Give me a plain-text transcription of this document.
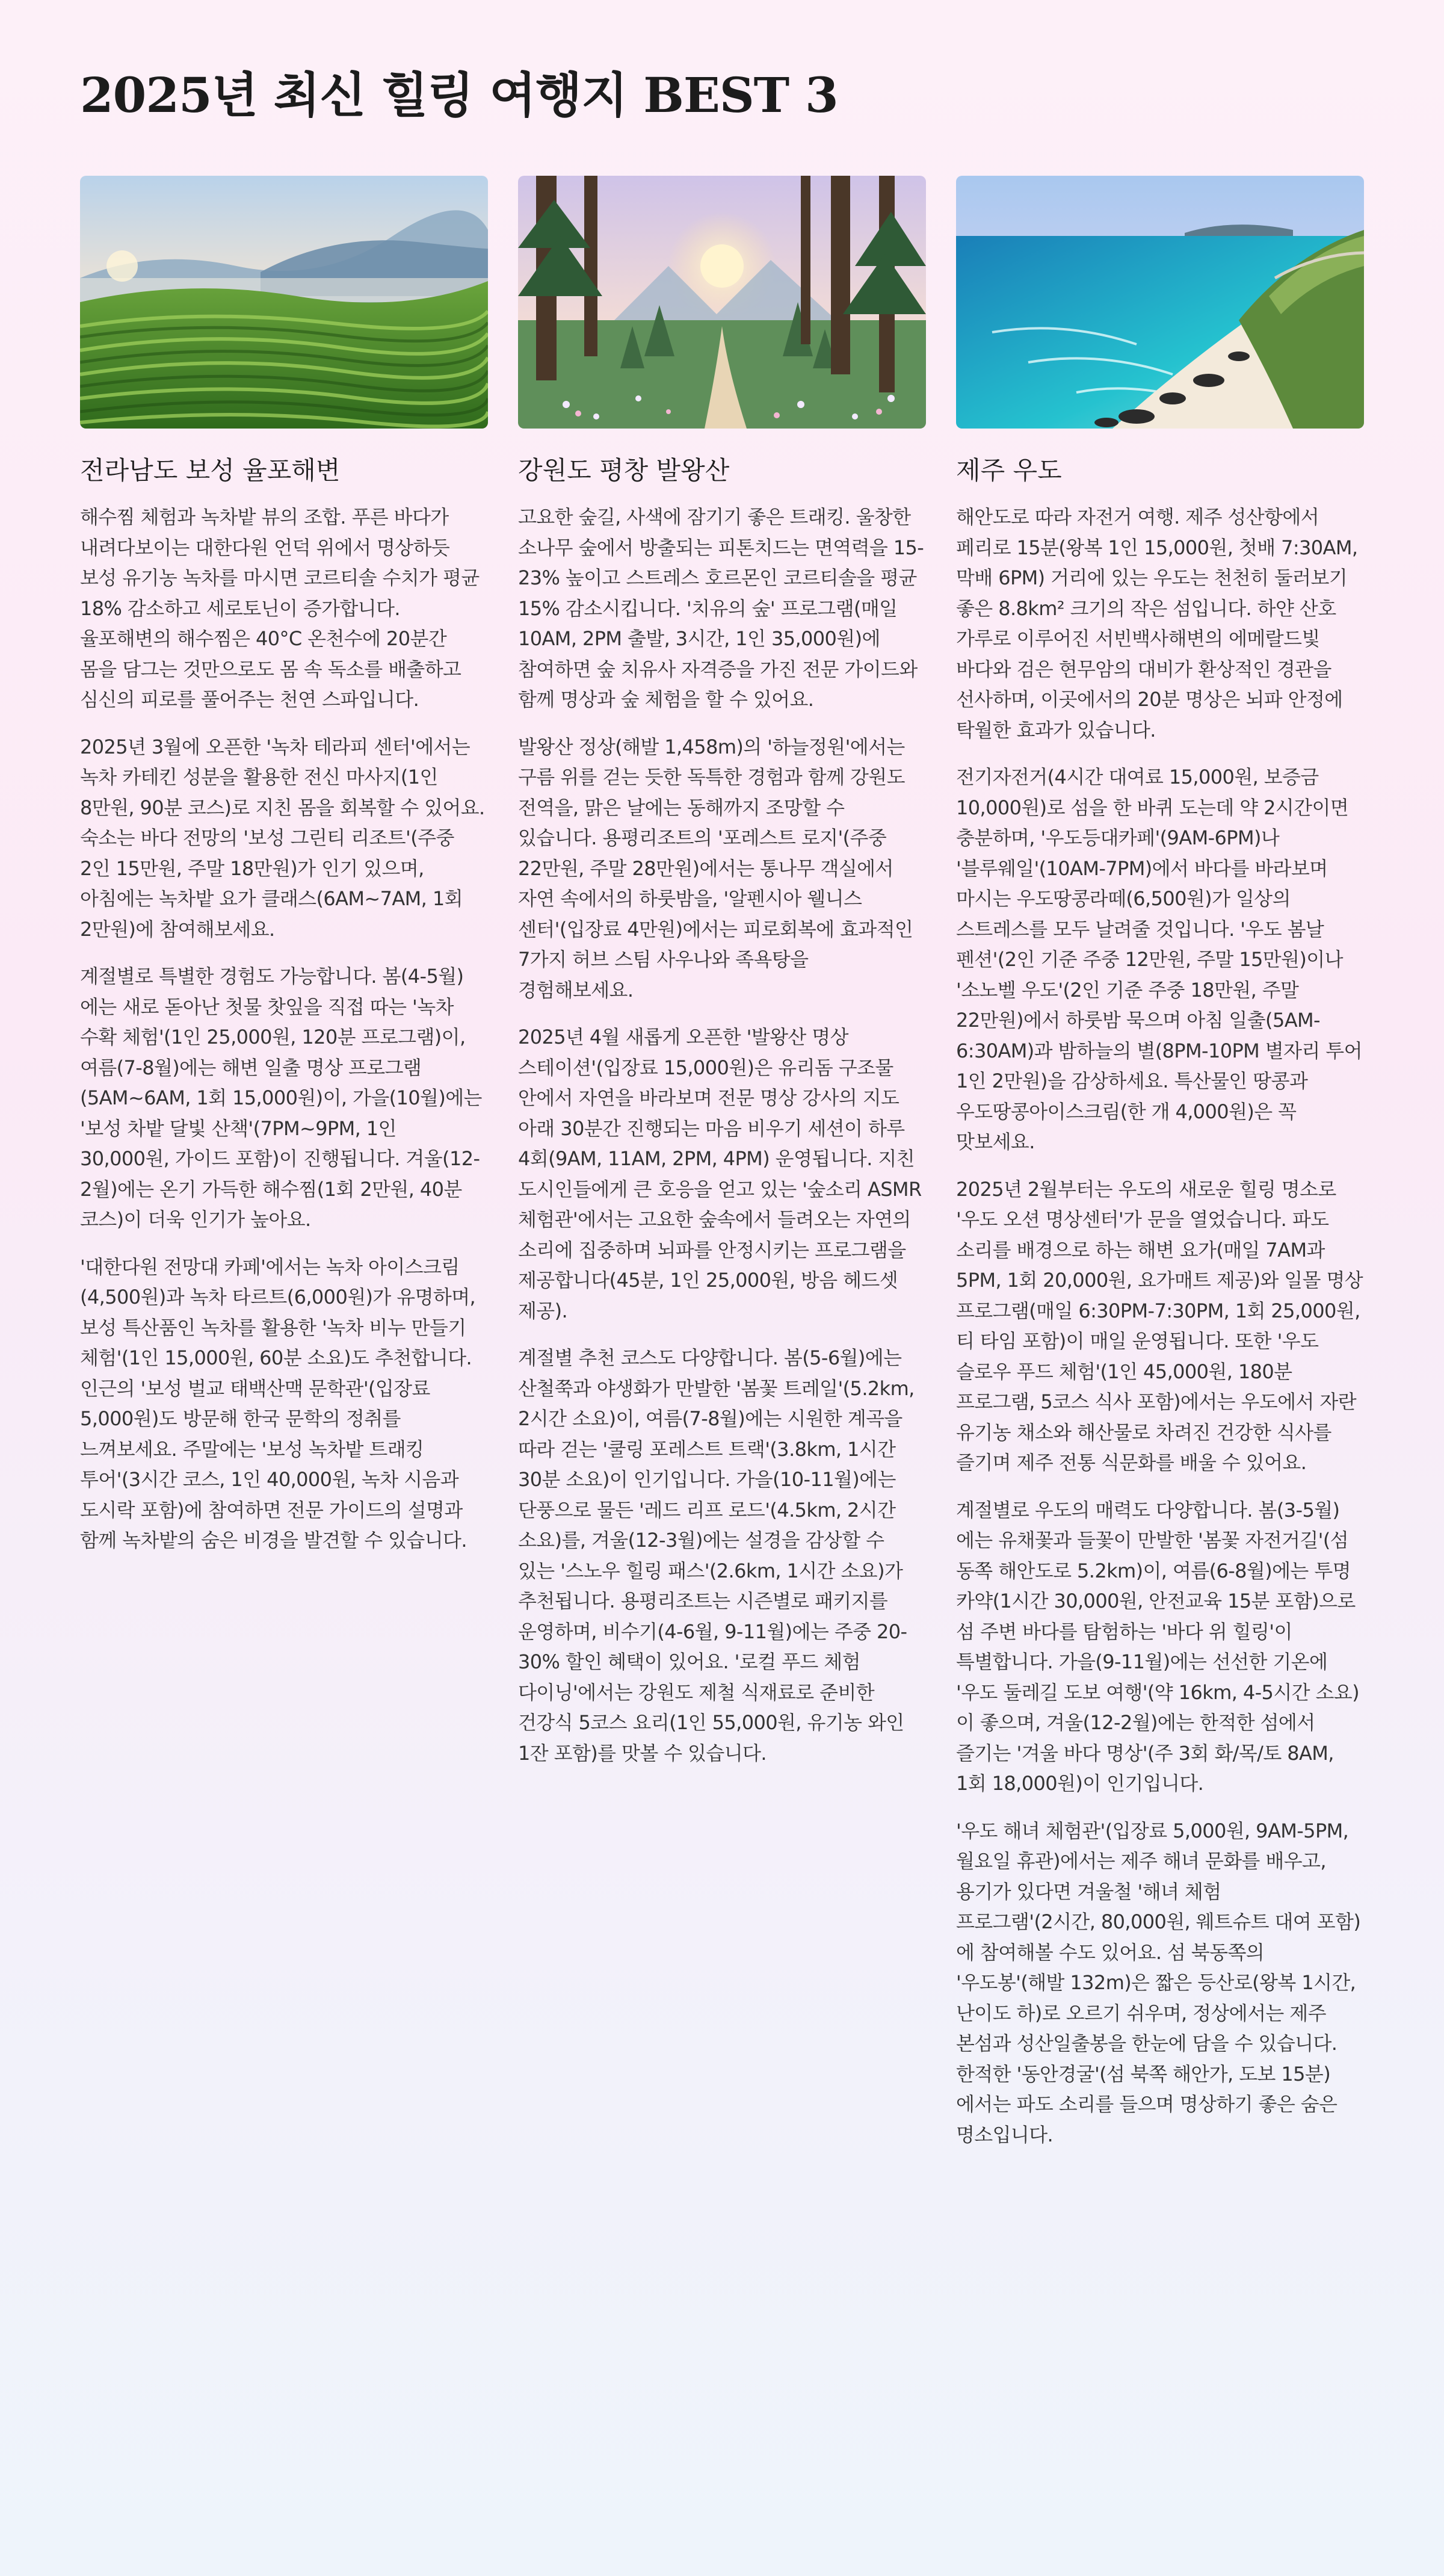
2025년 최신 힐링 여행지 BEST 3
전라남도 보성 율포해변

해수찜 체험과 녹차밭 뷰의 조합. 푸른 바다가 내려다보이는 대한다원 언덕 위에서 명상하듯 보성 유기농 녹차를 마시면 코르티솔 수치가 평균 18% 감소하고 세로토닌이 증가합니다. 율포해변의 해수찜은 40°C 온천수에 20분간 몸을 담그는 것만으로도 몸 속 독소를 배출하고 심신의 피로를 풀어주는 천연 스파입니다.

2025년 3월에 오픈한 '녹차 테라피 센터'에서는 녹차 카테킨 성분을 활용한 전신 마사지(1인 8만원, 90분 코스)로 지친 몸을 회복할 수 있어요. 숙소는 바다 전망의 '보성 그린티 리조트'(주중 2인 15만원, 주말 18만원)가 인기 있으며, 아침에는 녹차밭 요가 클래스(6AM~7AM, 1회 2만원)에 참여해보세요.

계절별로 특별한 경험도 가능합니다. 봄(4-5월)에는 새로 돋아난 첫물 찻잎을 직접 따는 '녹차 수확 체험'(1인 25,000원, 120분 프로그램)이, 여름(7-8월)에는 해변 일출 명상 프로그램(5AM~6AM, 1회 15,000원)이, 가을(10월)에는 '보성 차밭 달빛 산책'(7PM~9PM, 1인 30,000원, 가이드 포함)이 진행됩니다. 겨울(12-2월)에는 온기 가득한 해수찜(1회 2만원, 40분 코스)이 더욱 인기가 높아요.

'대한다원 전망대 카페'에서는 녹차 아이스크림(4,500원)과 녹차 타르트(6,000원)가 유명하며, 보성 특산품인 녹차를 활용한 '녹차 비누 만들기 체험'(1인 15,000원, 60분 소요)도 추천합니다. 인근의 '보성 벌교 태백산맥 문학관'(입장료 5,000원)도 방문해 한국 문학의 정취를 느껴보세요. 주말에는 '보성 녹차밭 트래킹 투어'(3시간 코스, 1인 40,000원, 녹차 시음과 도시락 포함)에 참여하면 전문 가이드의 설명과 함께 녹차밭의 숨은 비경을 발견할 수 있습니다.

강원도 평창 발왕산

고요한 숲길, 사색에 잠기기 좋은 트래킹. 울창한 소나무 숲에서 방출되는 피톤치드는 면역력을 15-23% 높이고 스트레스 호르몬인 코르티솔을 평균 15% 감소시킵니다. '치유의 숲' 프로그램(매일 10AM, 2PM 출발, 3시간, 1인 35,000원)에 참여하면 숲 치유사 자격증을 가진 전문 가이드와 함께 명상과 숲 체험을 할 수 있어요.

발왕산 정상(해발 1,458m)의 '하늘정원'에서는 구름 위를 걷는 듯한 독특한 경험과 함께 강원도 전역을, 맑은 날에는 동해까지 조망할 수 있습니다. 용평리조트의 '포레스트 로지'(주중 22만원, 주말 28만원)에서는 통나무 객실에서 자연 속에서의 하룻밤을, '알펜시아 웰니스 센터'(입장료 4만원)에서는 피로회복에 효과적인 7가지 허브 스팀 사우나와 족욕탕을 경험해보세요.

2025년 4월 새롭게 오픈한 '발왕산 명상 스테이션'(입장료 15,000원)은 유리돔 구조물 안에서 자연을 바라보며 전문 명상 강사의 지도 아래 30분간 진행되는 마음 비우기 세션이 하루 4회(9AM, 11AM, 2PM, 4PM) 운영됩니다. 지친 도시인들에게 큰 호응을 얻고 있는 '숲소리 ASMR 체험관'에서는 고요한 숲속에서 들려오는 자연의 소리에 집중하며 뇌파를 안정시키는 프로그램을 제공합니다(45분, 1인 25,000원, 방음 헤드셋 제공).

계절별 추천 코스도 다양합니다. 봄(5-6월)에는 산철쭉과 야생화가 만발한 '봄꽃 트레일'(5.2km, 2시간 소요)이, 여름(7-8월)에는 시원한 계곡을 따라 걷는 '쿨링 포레스트 트랙'(3.8km, 1시간 30분 소요)이 인기입니다. 가을(10-11월)에는 단풍으로 물든 '레드 리프 로드'(4.5km, 2시간 소요)를, 겨울(12-3월)에는 설경을 감상할 수 있는 '스노우 힐링 패스'(2.6km, 1시간 소요)가 추천됩니다. 용평리조트는 시즌별로 패키지를 운영하며, 비수기(4-6월, 9-11월)에는 주중 20-30% 할인 혜택이 있어요. '로컬 푸드 체험 다이닝'에서는 강원도 제철 식재료로 준비한 건강식 5코스 요리(1인 55,000원, 유기농 와인 1잔 포함)를 맛볼 수 있습니다.

제주 우도

해안도로 따라 자전거 여행. 제주 성산항에서 페리로 15분(왕복 1인 15,000원, 첫배 7:30AM, 막배 6PM) 거리에 있는 우도는 천천히 둘러보기 좋은 8.8km² 크기의 작은 섬입니다. 하얀 산호 가루로 이루어진 서빈백사해변의 에메랄드빛 바다와 검은 현무암의 대비가 환상적인 경관을 선사하며, 이곳에서의 20분 명상은 뇌파 안정에 탁월한 효과가 있습니다.

전기자전거(4시간 대여료 15,000원, 보증금 10,000원)로 섬을 한 바퀴 도는데 약 2시간이면 충분하며, '우도등대카페'(9AM-6PM)나 '블루웨일'(10AM-7PM)에서 바다를 바라보며 마시는 우도땅콩라떼(6,500원)가 일상의 스트레스를 모두 날려줄 것입니다. '우도 봄날 펜션'(2인 기준 주중 12만원, 주말 15만원)이나 '소노벨 우도'(2인 기준 주중 18만원, 주말 22만원)에서 하룻밤 묵으며 아침 일출(5AM-6:30AM)과 밤하늘의 별(8PM-10PM 별자리 투어 1인 2만원)을 감상하세요. 특산물인 땅콩과 우도땅콩아이스크림(한 개 4,000원)은 꼭 맛보세요.

2025년 2월부터는 우도의 새로운 힐링 명소로 '우도 오션 명상센터'가 문을 열었습니다. 파도 소리를 배경으로 하는 해변 요가(매일 7AM과 5PM, 1회 20,000원, 요가매트 제공)와 일몰 명상 프로그램(매일 6:30PM-7:30PM, 1회 25,000원, 티 타임 포함)이 매일 운영됩니다. 또한 '우도 슬로우 푸드 체험'(1인 45,000원, 180분 프로그램, 5코스 식사 포함)에서는 우도에서 자란 유기농 채소와 해산물로 차려진 건강한 식사를 즐기며 제주 전통 식문화를 배울 수 있어요.

계절별로 우도의 매력도 다양합니다. 봄(3-5월)에는 유채꽃과 들꽃이 만발한 '봄꽃 자전거길'(섬 동쪽 해안도로 5.2km)이, 여름(6-8월)에는 투명 카약(1시간 30,000원, 안전교육 15분 포함)으로 섬 주변 바다를 탐험하는 '바다 위 힐링'이 특별합니다. 가을(9-11월)에는 선선한 기온에 '우도 둘레길 도보 여행'(약 16km, 4-5시간 소요)이 좋으며, 겨울(12-2월)에는 한적한 섬에서 즐기는 '겨울 바다 명상'(주 3회 화/목/토 8AM, 1회 18,000원)이 인기입니다.

'우도 해녀 체험관'(입장료 5,000원, 9AM-5PM, 월요일 휴관)에서는 제주 해녀 문화를 배우고, 용기가 있다면 겨울철 '해녀 체험 프로그램'(2시간, 80,000원, 웨트슈트 대여 포함)에 참여해볼 수도 있어요. 섬 북동쪽의 '우도봉'(해발 132m)은 짧은 등산로(왕복 1시간, 난이도 하)로 오르기 쉬우며, 정상에서는 제주 본섬과 성산일출봉을 한눈에 담을 수 있습니다. 한적한 '동안경굴'(섬 북쪽 해안가, 도보 15분)에서는 파도 소리를 들으며 명상하기 좋은 숨은 명소입니다.
